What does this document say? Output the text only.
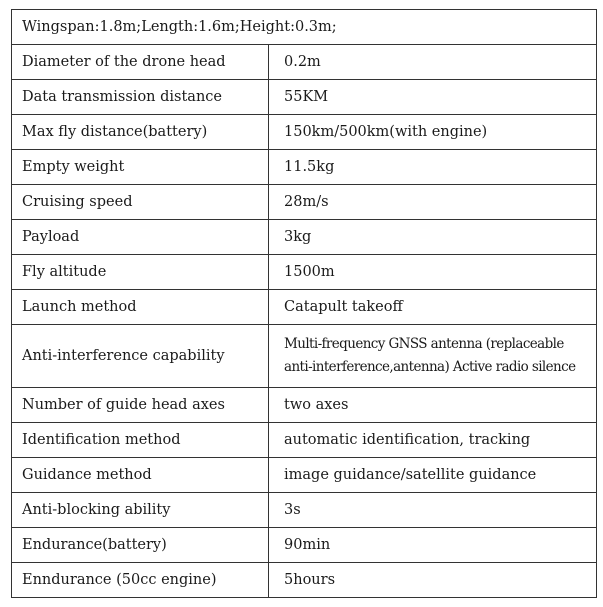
Wingspan:1.8m;Length:1.6m;Height:0.3m;	
Diameter of the drone head	0.2m
Data transmission distance	55KM
Max fly distance(battery)	150km/500km(with engine)
Empty weight	11.5kg
Cruising speed	28m/s
Payload	3kg
Fly altitude	1500m
Launch method	Catapult takeoff
Anti-interference capability	Multi-frequency GNSS antenna (replaceable anti-interference,antenna) Active radio silence
Number of guide head axes	two axes
Identification method	automatic identification, tracking
Guidance method	image guidance/satellite guidance
Anti-blocking ability	3s
Endurance(battery)	90min
Enndurance (50cc engine)	5hours
